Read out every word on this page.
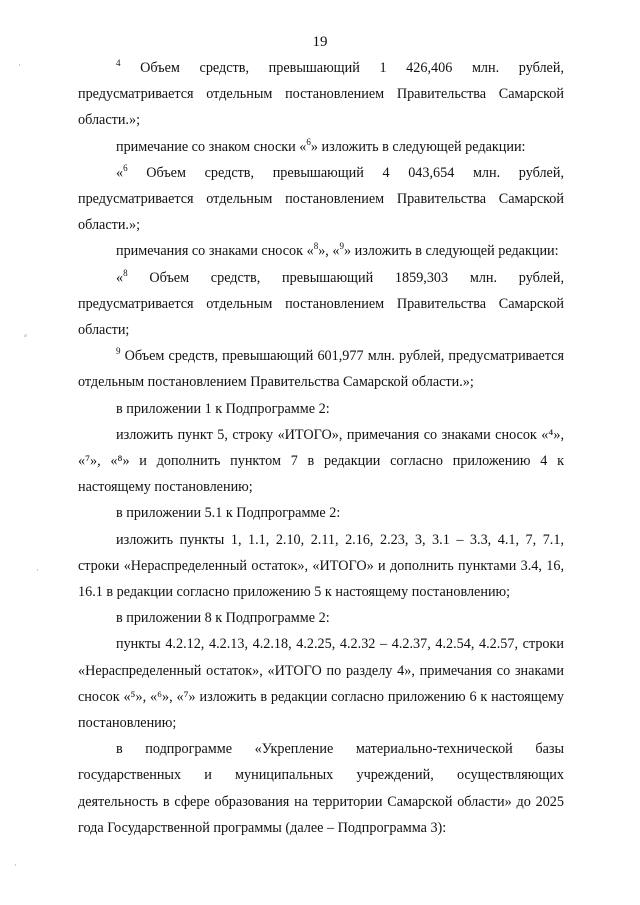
19

$^4$ Объем средств, превышающий 1 426,406 млн. рублей, предусматривается отдельным постановлением Правительства Самарской области.»;

примечание со знаком сноски «$^6$» изложить в следующей редакции:

«$^6$ Объем средств, превышающий 4 043,654 млн. рублей, предусматривается отдельным постановлением Правительства Самарской области.»;

примечания со знаками сносок «$^8$», «$^9$» изложить в следующей редакции:

«$^8$ Объем средств, превышающий 1859,303 млн. рублей, предусматривается отдельным постановлением Правительства Самарской области;

$^9$ Объем средств, превышающий 601,977 млн. рублей, предусматривается отдельным постановлением Правительства Самарской области.»;

в приложении 1 к Подпрограмме 2:

изложить пункт 5, строку «ИТОГО», примечания со знаками сносок «⁴», «⁷», «⁸» и дополнить пунктом 7 в редакции согласно приложению 4 к настоящему постановлению;

в приложении 5.1 к Подпрограмме 2:

изложить пункты 1, 1.1, 2.10, 2.11, 2.16, 2.23, 3, 3.1 – 3.3, 4.1, 7, 7.1, строки «Нераспределенный остаток», «ИТОГО» и дополнить пунктами 3.4, 16, 16.1 в редакции согласно приложению 5 к настоящему постановлению;

в приложении 8 к Подпрограмме 2:

пункты 4.2.12, 4.2.13, 4.2.18, 4.2.25, 4.2.32 – 4.2.37, 4.2.54, 4.2.57, строки «Нераспределенный остаток», «ИТОГО по разделу 4», примечания со знаками сносок «⁵», «⁶», «⁷» изложить в редакции согласно приложению 6 к настоящему постановлению;

в подпрограмме «Укрепление материально-технической базы государственных и муниципальных учреждений, осуществляющих деятельность в сфере образования на территории Самарской области» до 2025 года Государственной программы (далее – Подпрограмма 3):

·
⸗
·
·
